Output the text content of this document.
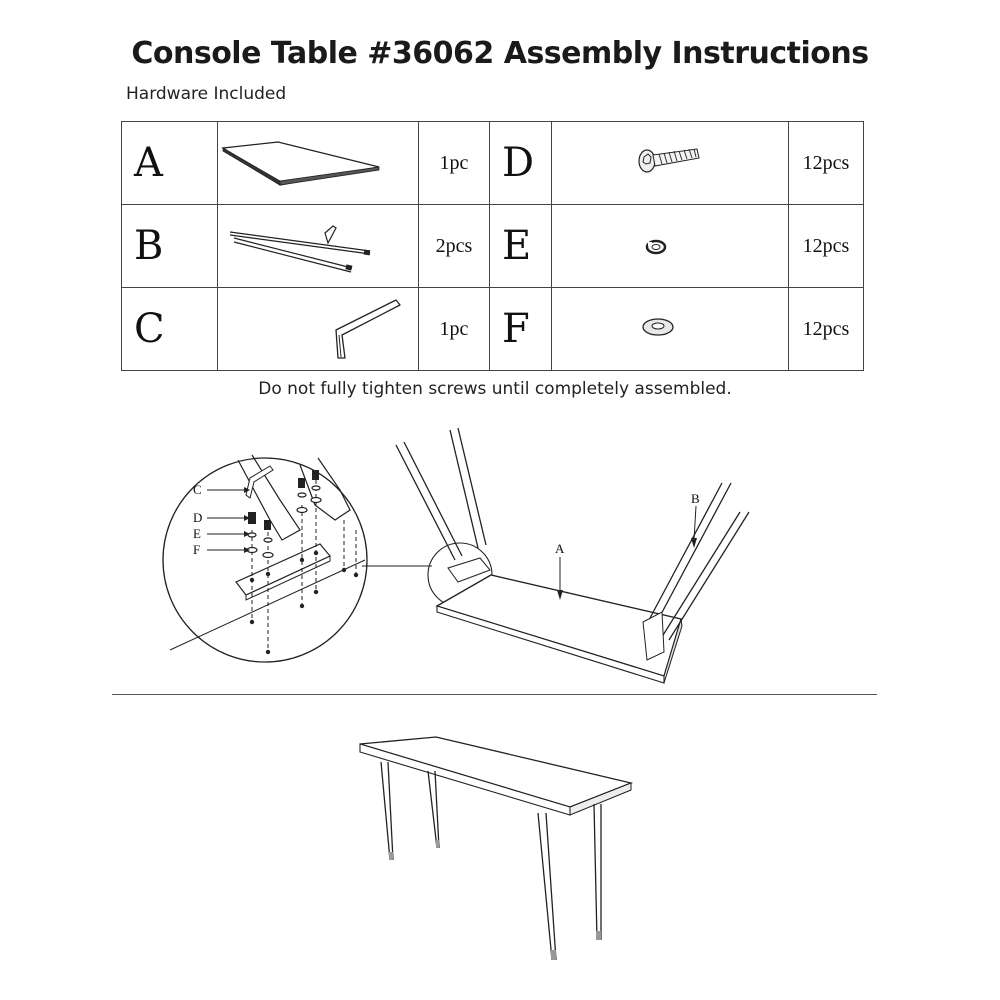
Console Table #36062 Assembly Instructions
Hardware Included
A		1pc	D		12pcs
B		2pcs	E		12pcs
C		1pc	F		12pcs
Do not fully tighten screws until completely assembled.
C
D
E
F	A
B
